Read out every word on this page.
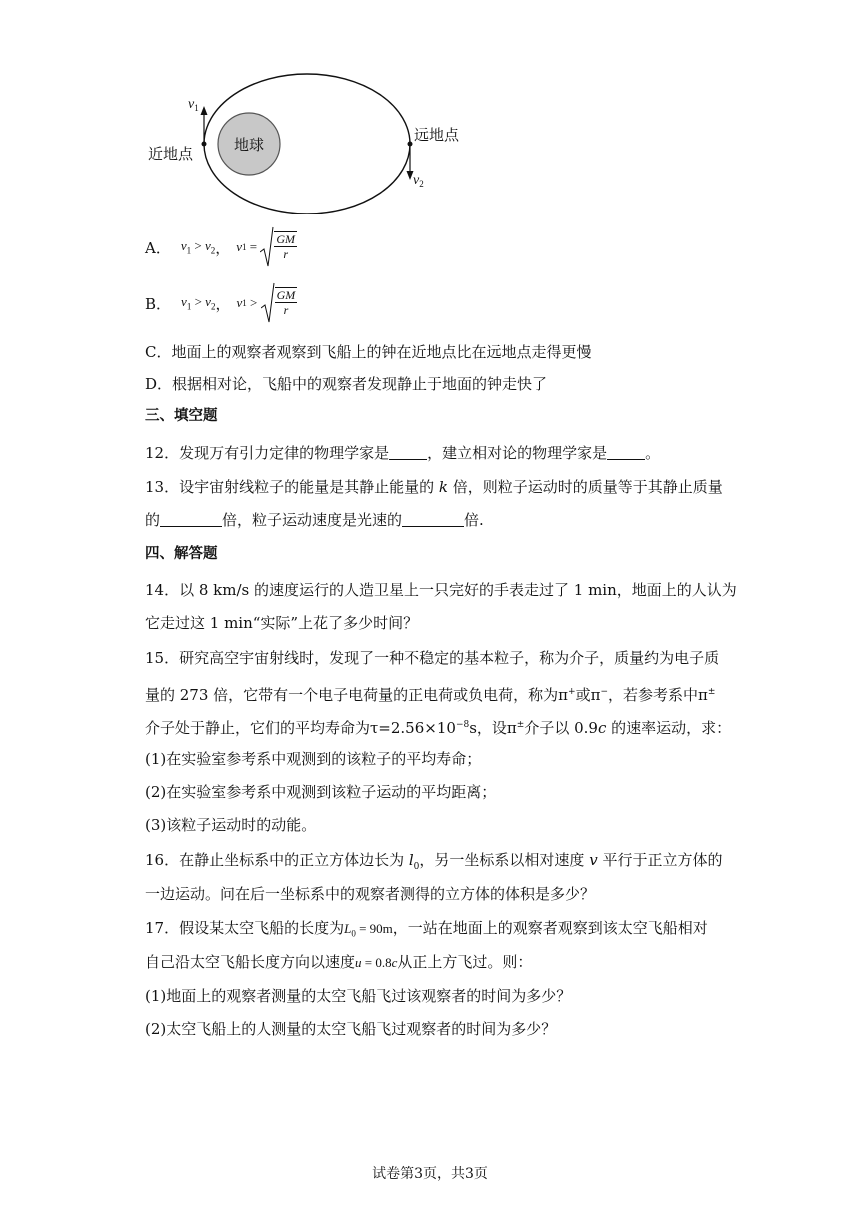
地球
近地点
远地点
$v_1$
$v_2$
A． $v_1 > v_2$ ， v $1 = \frac{GM}{r}$
B． $v_1 > v_2$ ， v $1 > \frac{GM}{r}$
C．地面上的观察者观察到飞船上的钟在近地点比在远地点走得更慢
D．根据相对论，飞船中的观察者发现静止于地面的钟走快了
三、填空题
12．发现万有引力定律的物理学家是	，建立相对论的物理学家是	。
13．设宇宙射线粒子的能量是其静止能量的 k 倍，则粒子运动时的质量等于其静止质量
的	倍，粒子运动速度是光速的	倍.
四、解答题
14．以 8 km/s 的速度运行的人造卫星上一只完好的手表走过了 1 min，地面上的人认为
它走过这 1 min“实际”上花了多少时间？
15．研究高空宇宙射线时，发现了一种不稳定的基本粒子，称为介子，质量约为电子质
量的 273 倍，它带有一个电子电荷量的正电荷或负电荷，称为π+或π−，若参考系中π±
介子处于静止，它们的平均寿命为$\tau=2.56\times 10^{-8}s$，设π±介子以 0.9c 的速率运动，求：
(1)在实验室参考系中观测到的该粒子的平均寿命；
(2)在实验室参考系中观测到该粒子运动的平均距离；
(3)该粒子运动时的动能。
16．在静止坐标系中的正立方体边长为 $l_0$，另一坐标系以相对速度 v 平行于正立方体的
一边运动。问在后一坐标系中的观察者测得的立方体的体积是多少？
17．假设某太空飞船的长度为$L_0 = 90m$，一站在地面上的观察者观察到该太空飞船相对
自己沿太空飞船长度方向以速度u = 0.8c从正上方飞过。则：
(1)地面上的观察者测量的太空飞船飞过该观察者的时间为多少？
(2)太空飞船上的人测量的太空飞船飞过观察者的时间为多少？
试卷第3页，共3页
